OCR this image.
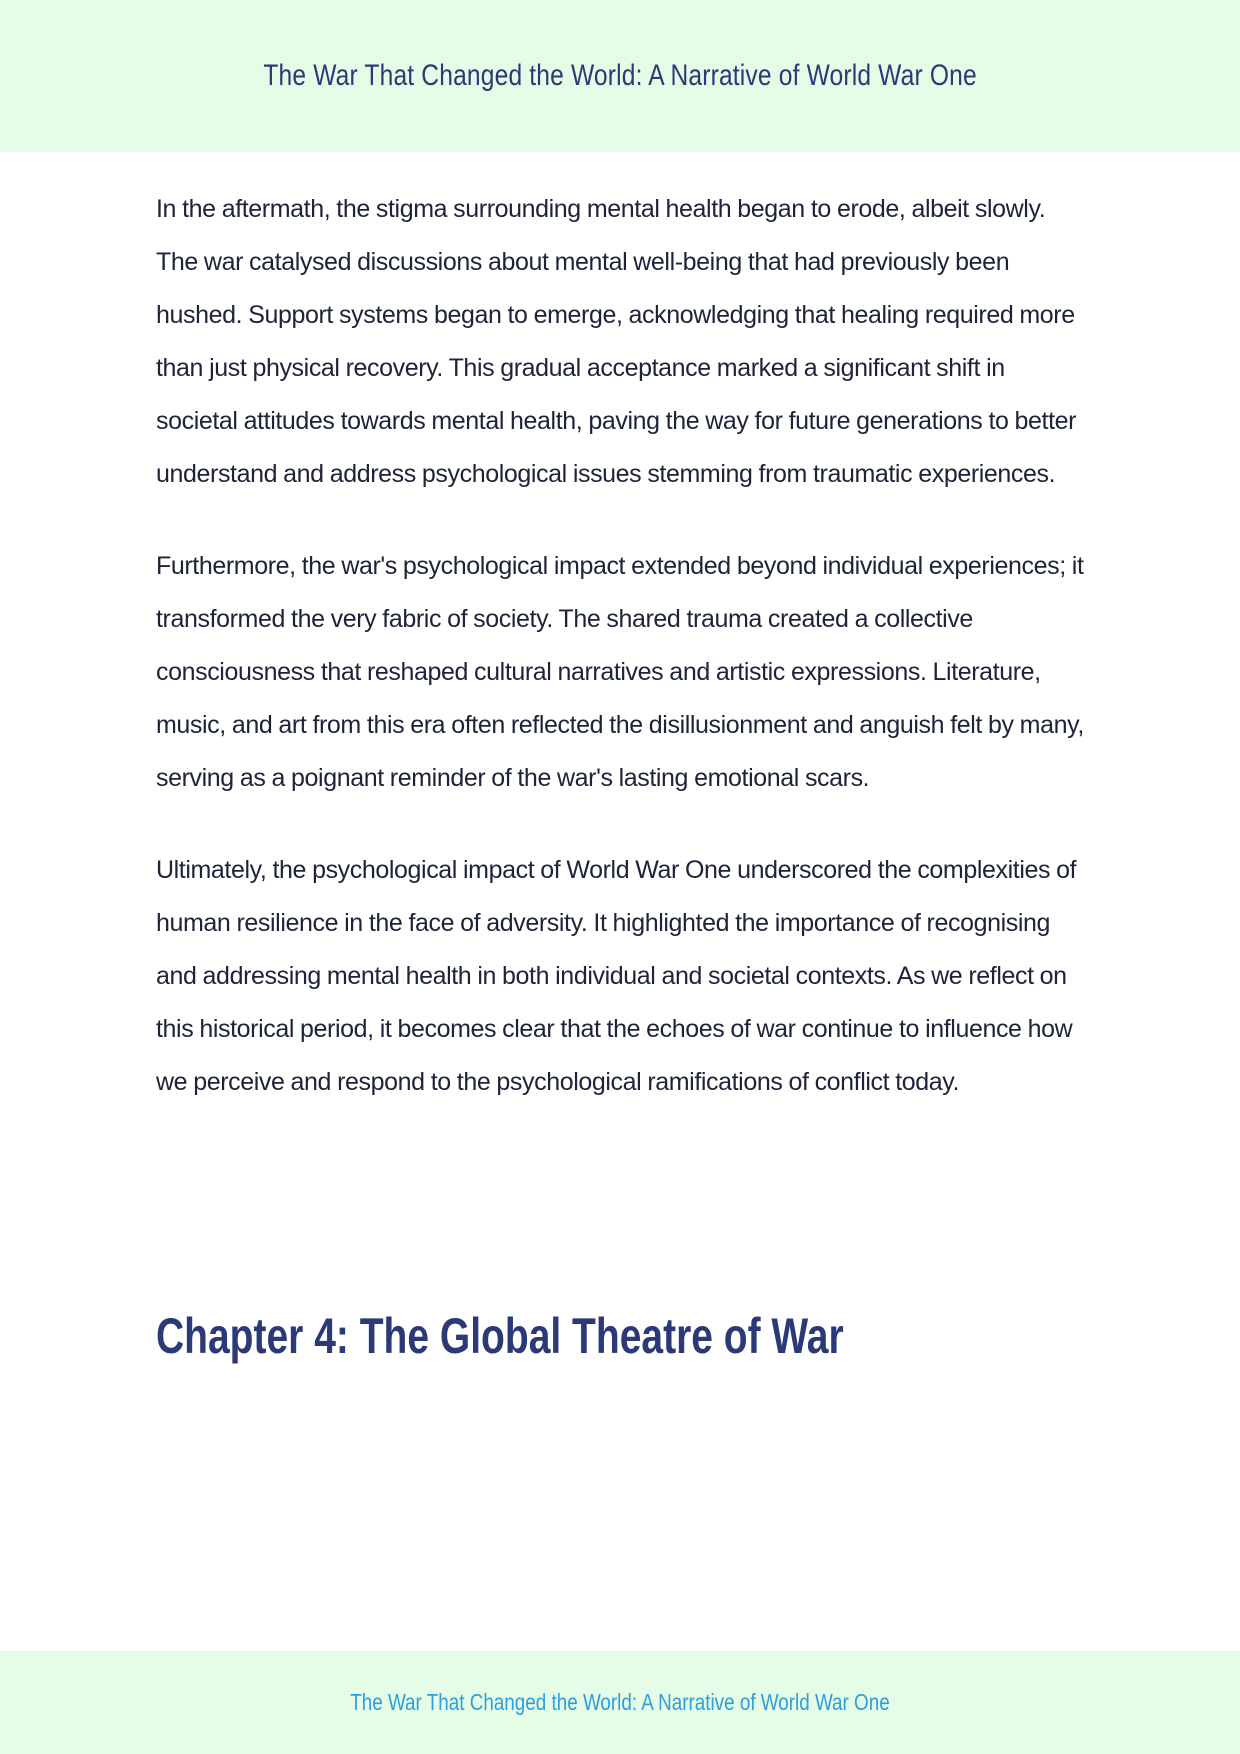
The War That Changed the World: A Narrative of World War One

In the aftermath, the stigma surrounding mental health began to erode, albeit slowly. The war catalysed discussions about mental well-being that had previously been hushed. Support systems began to emerge, acknowledging that healing required more than just physical recovery. This gradual acceptance marked a significant shift in societal attitudes towards mental health, paving the way for future generations to better understand and address psychological issues stemming from traumatic experiences.

Furthermore, the war's psychological impact extended beyond individual experiences; it transformed the very fabric of society. The shared trauma created a collective consciousness that reshaped cultural narratives and artistic expressions. Literature, music, and art from this era often reflected the disillusionment and anguish felt by many, serving as a poignant reminder of the war's lasting emotional scars.

Ultimately, the psychological impact of World War One underscored the complexities of human resilience in the face of adversity. It highlighted the importance of recognising and addressing mental health in both individual and societal contexts. As we reflect on this historical period, it becomes clear that the echoes of war continue to influence how we perceive and respond to the psychological ramifications of conflict today.

Chapter 4: The Global Theatre of War
The War That Changed the World: A Narrative of World War One
